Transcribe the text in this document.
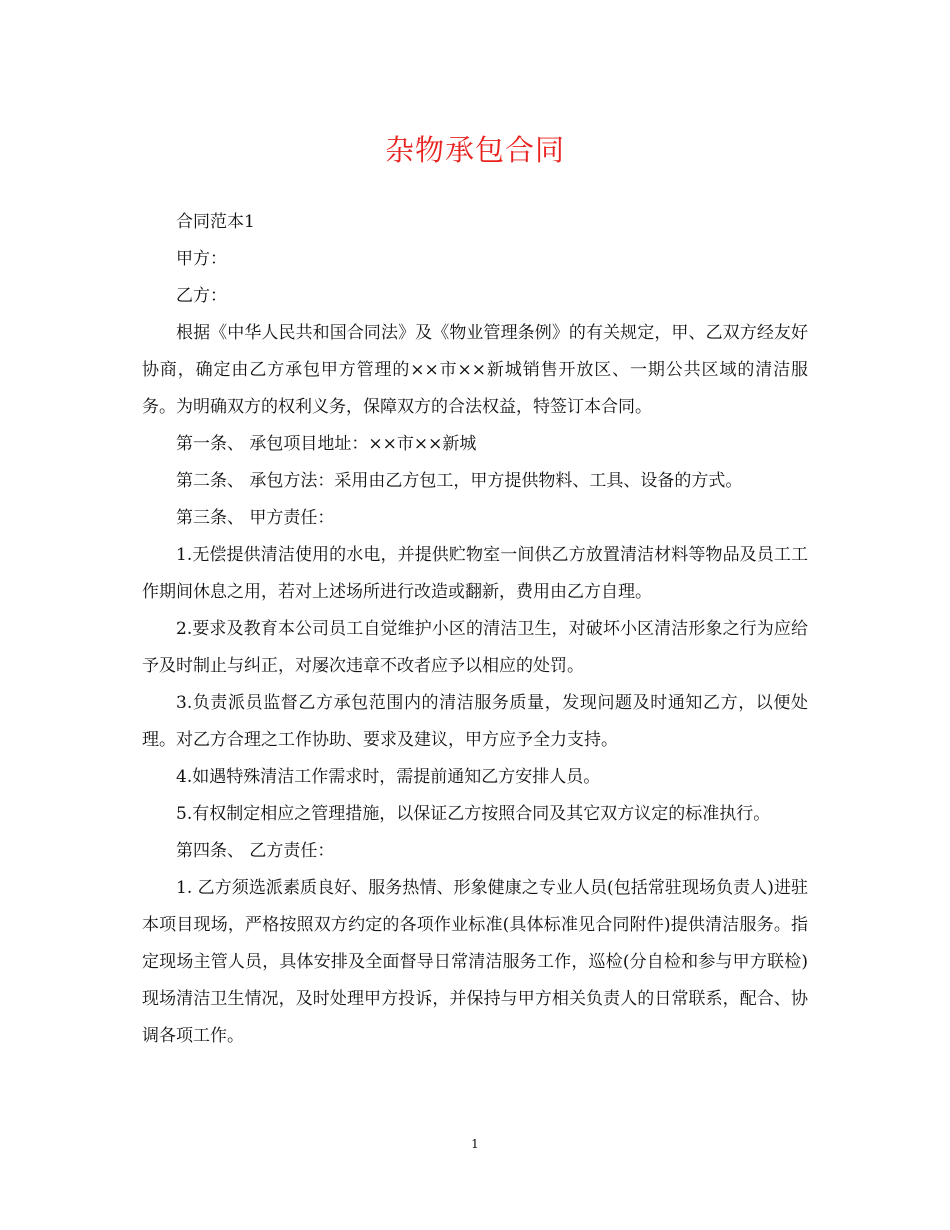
杂物承包合同

合同范本1

甲方：

乙方：

根据《中华人民共和国合同法》及《物业管理条例》的有关规定，甲、乙双方经友好协商，确定由乙方承包甲方管理的××市××新城销售开放区、一期公共区域的清洁服务。为明确双方的权利义务，保障双方的合法权益，特签订本合同。

第一条、 承包项目地址：××市××新城

第二条、 承包方法：采用由乙方包工，甲方提供物料、工具、设备的方式。

第三条、 甲方责任：

1.无偿提供清洁使用的水电，并提供贮物室一间供乙方放置清洁材料等物品及员工工作期间休息之用，若对上述场所进行改造或翻新，费用由乙方自理。

2.要求及教育本公司员工自觉维护小区的清洁卫生，对破坏小区清洁形象之行为应给予及时制止与纠正，对屡次违章不改者应予以相应的处罚。

3.负责派员监督乙方承包范围内的清洁服务质量，发现问题及时通知乙方，以便处理。对乙方合理之工作协助、要求及建议，甲方应予全力支持。

4.如遇特殊清洁工作需求时，需提前通知乙方安排人员。

5.有权制定相应之管理措施，以保证乙方按照合同及其它双方议定的标准执行。

第四条、 乙方责任：

1. 乙方须选派素质良好、服务热情、形象健康之专业人员(包括常驻现场负责人)进驻本项目现场，严格按照双方约定的各项作业标准(具体标准见合同附件)提供清洁服务。指定现场主管人员，具体安排及全面督导日常清洁服务工作，巡检(分自检和参与甲方联检)现场清洁卫生情况，及时处理甲方投诉，并保持与甲方相关负责人的日常联系，配合、协调各项工作。

1
